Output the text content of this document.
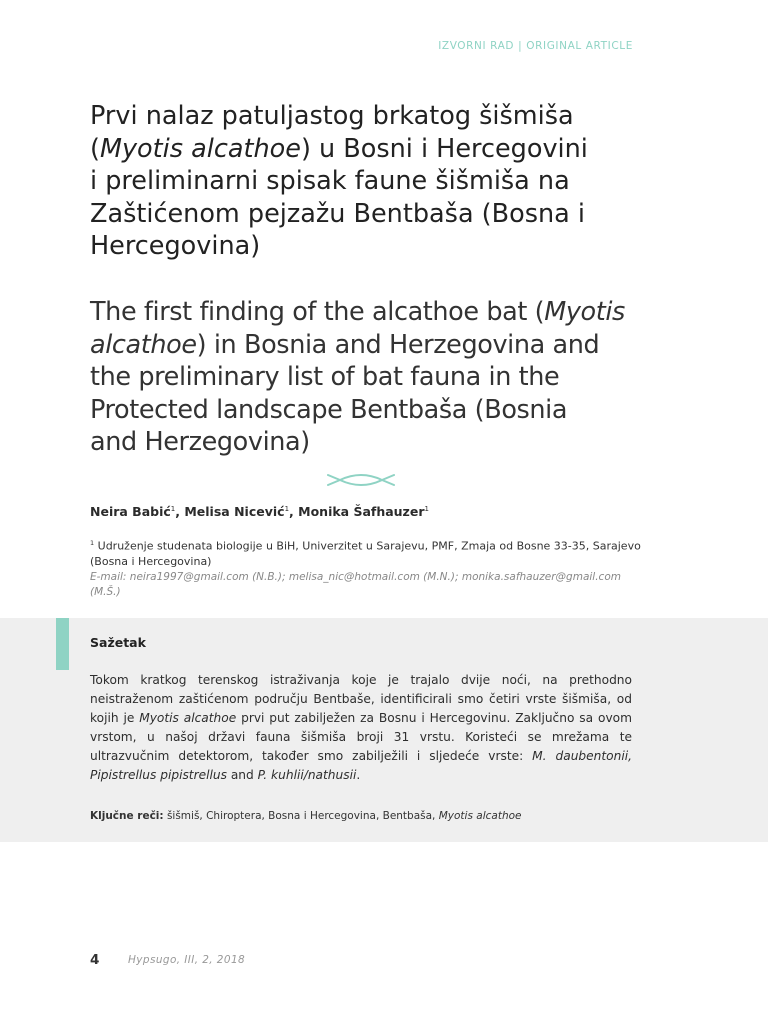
IZVORNI RAD | ORIGINAL ARTICLE
Prvi nalaz patuljastog brkatog šišmiša
(Myotis alcathoe) u Bosni i Hercegovini
i preliminarni spisak faune šišmiša na
Zaštićenom pejzažu Bentbaša (Bosna i
Hercegovina)
The first finding of the alcathoe bat (Myotis
alcathoe) in Bosnia and Herzegovina and
the preliminary list of bat fauna in the
Protected landscape Bentbaša (Bosnia
and Herzegovina)
Neira Babić$^1$, Melisa Nicević$^1$, Monika Šafhauzer$^1$
$^1$ Udruženje studenata biologije u BiH, Univerzitet u Sarajevu, PMF, Zmaja od Bosne 33-35, Sarajevo (Bosna i Hercegovina)
E-mail: neira1997@gmail.com (N.B.); melisa_nic@hotmail.com (M.N.); monika.safhauzer@gmail.com (M.Š.)
Sažetak

Tokom kratkog terenskog istraživanja koje je trajalo dvije noći, na prethodno neistraženom zaštićenom području Bentbaše, identificirali smo četiri vrste šišmiša, od kojih je Myotis alcathoe prvi put zabilježen za Bosnu i Hercegovinu. Zaključno sa ovom vrstom, u našoj državi fauna šišmiša broji 31 vrstu. Koristeći se mrežama te ultrazvučnim detektorom, također smo zabilježili i sljedeće vrste: M. daubentonii, Pipistrellus pipistrellus and P. kuhlii/nathusii.

Ključne reči: šišmiš, Chiroptera, Bosna i Hercegovina, Bentbaša, Myotis alcathoe
4	Hypsugo, III, 2, 2018
